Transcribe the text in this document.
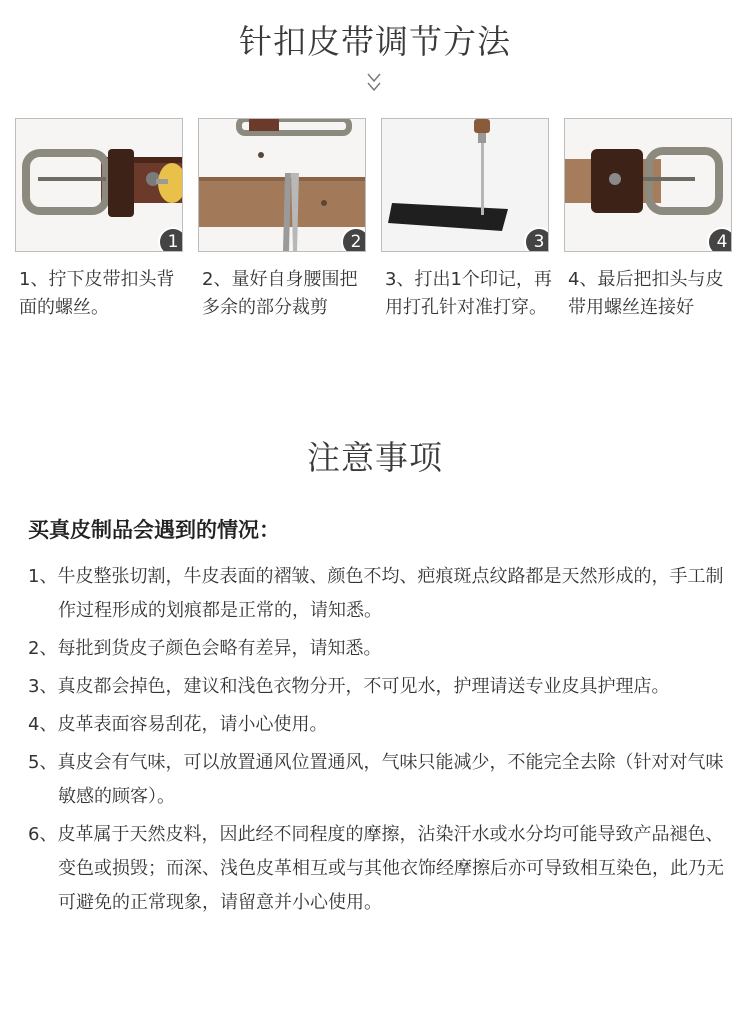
针扣皮带调节方法
1
1、拧下皮带扣头背面的螺丝。
2
2、量好自身腰围把多余的部分裁剪
3
3、打出1个印记，再用打孔针对准打穿。
4
4、最后把扣头与皮带用螺丝连接好
注意事项
买真皮制品会遇到的情况：
1、牛皮整张切割，牛皮表面的褶皱、颜色不均、疤痕斑点纹路都是天然形成的，手工制作过程形成的划痕都是正常的，请知悉。
2、每批到货皮子颜色会略有差异，请知悉。
3、真皮都会掉色，建议和浅色衣物分开，不可见水，护理请送专业皮具护理店。
4、皮革表面容易刮花，请小心使用。
5、真皮会有气味，可以放置通风位置通风，气味只能减少，不能完全去除（针对对气味敏感的顾客）。
6、皮革属于天然皮料，因此经不同程度的摩擦，沾染汗水或水分均可能导致产品褪色、变色或损毁；而深、浅色皮革相互或与其他衣饰经摩擦后亦可导致相互染色，此乃无可避免的正常现象，请留意并小心使用。
